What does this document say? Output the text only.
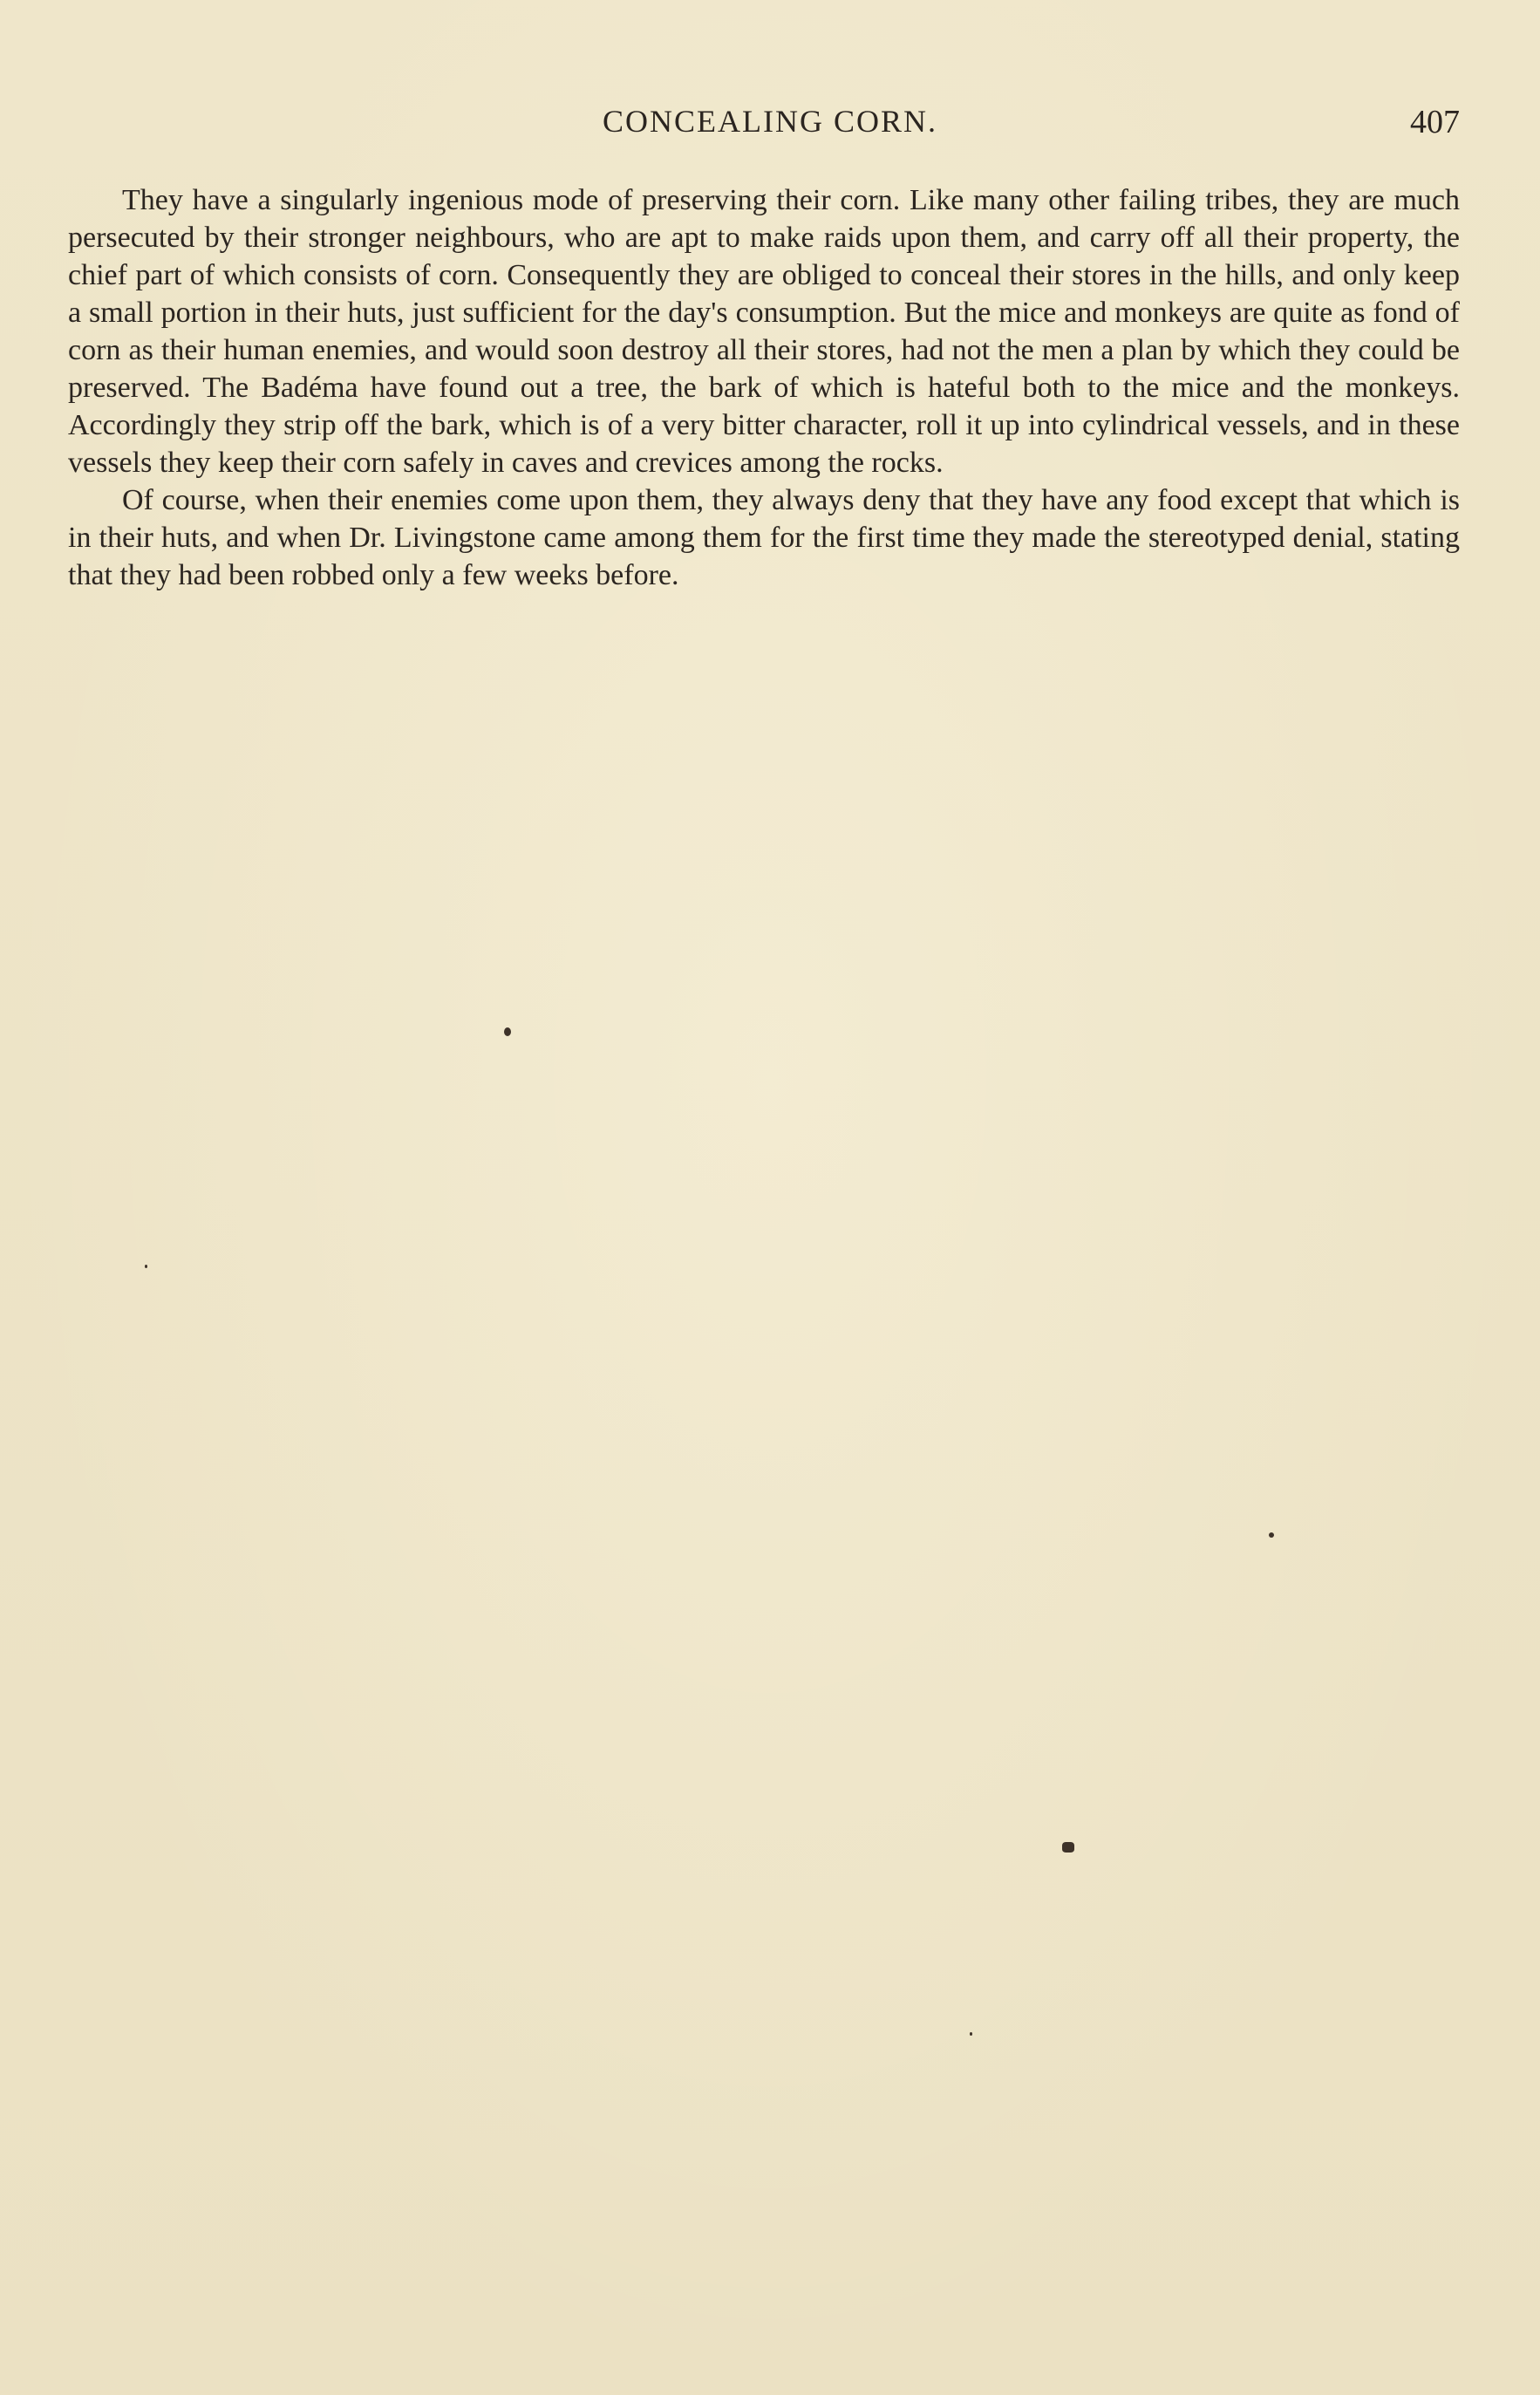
CONCEALING CORN.	407

They have a singularly ingenious mode of preserving their corn. Like many other failing tribes, they are much persecuted by their stronger neighbours, who are apt to make raids upon them, and carry off all their property, the chief part of which consists of corn. Consequently they are obliged to conceal their stores in the hills, and only keep a small portion in their huts, just sufficient for the day's consumption. But the mice and monkeys are quite as fond of corn as their human enemies, and would soon destroy all their stores, had not the men a plan by which they could be preserved. The Badéma have found out a tree, the bark of which is hateful both to the mice and the monkeys. Accordingly they strip off the bark, which is of a very bitter character, roll it up into cylindrical vessels, and in these vessels they keep their corn safely in caves and crevices among the rocks.

Of course, when their enemies come upon them, they always deny that they have any food except that which is in their huts, and when Dr. Livingstone came among them for the first time they made the stereotyped denial, stating that they had been robbed only a few weeks before.
